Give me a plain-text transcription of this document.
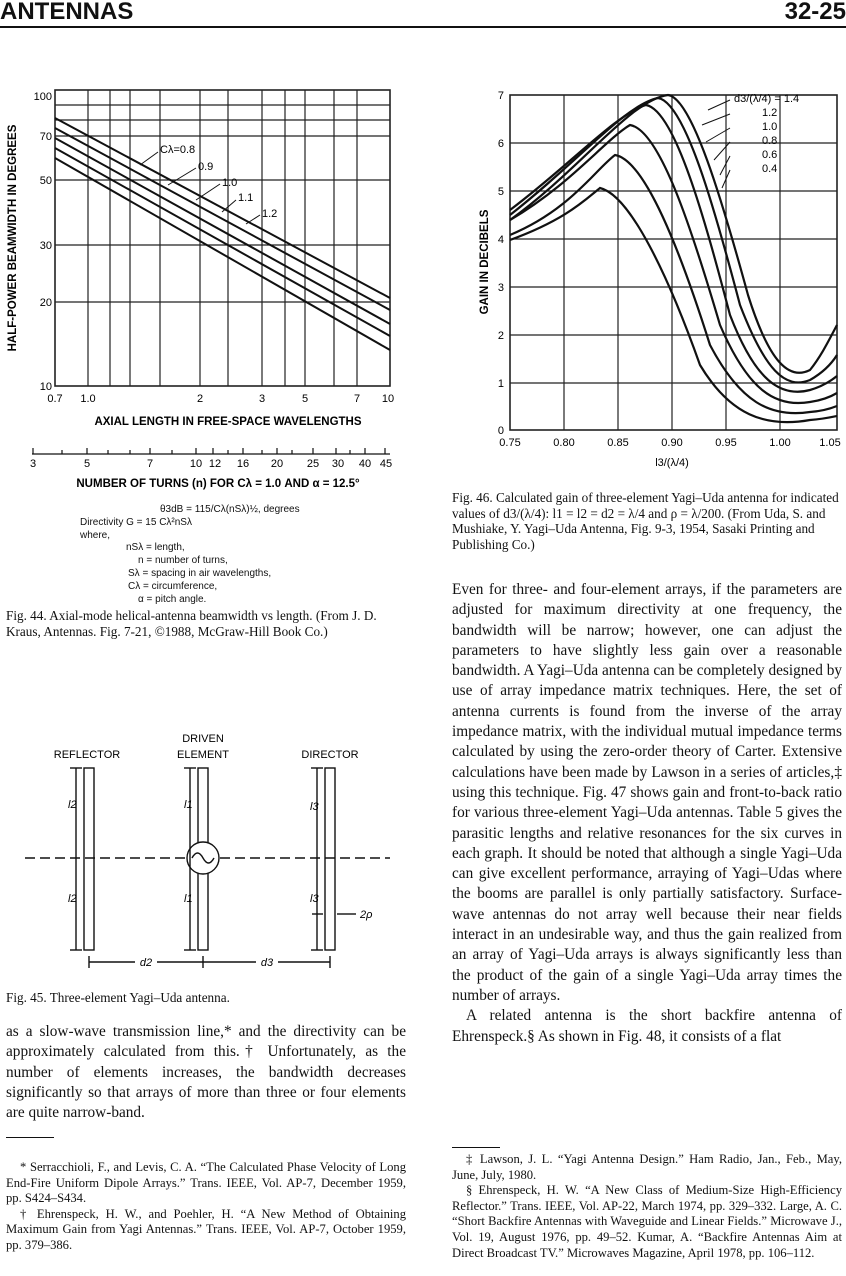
ANTENNAS	32-25
Cλ=0.8
0.9
1.0
1.1
1.2
100
70
50
30
20
10
0.7 1.0	2	3	5	7 10
AXIAL LENGTH IN FREE-SPACE WAVELENGTHS
HALF-POWER BEAMWIDTH IN DEGREES
3	5	7	10 12 16 20 25 30 40 45
NUMBER OF TURNS (n) FOR Cλ = 1.0 AND α = 12.5°
θ3dB = 115/Cλ(nSλ)½, degrees
Directivity G = 15 Cλ²nSλ
where,
nSλ = length,
n = number of turns,
Sλ = spacing in air wavelengths,
Cλ = circumference,
α = pitch angle.
Fig. 44. Axial-mode helical-antenna beamwidth vs length. (From J. D. Kraus, Antennas. Fig. 7-21, ©1988, McGraw-Hill Book Co.)
DRIVEN
REFLECTOR	ELEMENT	DIRECTOR
l2
l2
l1
l1
l3
l3
2ρ
d2	d3
Fig. 45. Three-element Yagi–Uda antenna.
as a slow-wave transmission line,* and the directivity can be approximately calculated from this.† Unfortunately, as the number of elements increases, the bandwidth decreases significantly so that arrays of more than three or four elements are quite narrow-band.

* Serracchioli, F., and Levis, C. A. “The Calculated Phase Velocity of Long End-Fire Uniform Dipole Arrays.” Trans. IEEE, Vol. AP-7, December 1959, pp. S424–S434.

† Ehrenspeck, H. W., and Poehler, H. “A New Method of Obtaining Maximum Gain from Yagi Antennas.” Trans. IEEE, Vol. AP-7, October 1959, pp. 379–386.

d3/(λ/4) = 1.4
1.2
1.0
0.8
0.6
0.4
7
6
5
4
3
2
1
0
0.75	0.80	0.85	0.90	0.95	1.00	1.05
l3/(λ/4)
GAIN IN DECIBELS
Fig. 46. Calculated gain of three-element Yagi–Uda antenna for indicated values of d3/(λ/4): l1 = l2 = d2 = λ/4 and ρ = λ/200. (From Uda, S. and Mushiake, Y. Yagi–Uda Antenna, Fig. 9-3, 1954, Sasaki Printing and Publishing Co.)

Even for three- and four-element arrays, if the parameters are adjusted for maximum directivity at one frequency, the bandwidth will be narrow; however, one can adjust the parameters to have slightly less gain over a reasonable bandwidth. A Yagi–Uda antenna can be completely designed by use of array impedance matrix techniques. Here, the set of antenna currents is found from the inverse of the array impedance matrix, with the individual mutual impedance terms calculated by using the zero-order theory of Carter. Extensive calculations have been made by Lawson in a series of articles,‡ using this technique. Fig. 47 shows gain and front-to-back ratio for various three-element Yagi–Uda antennas. Table 5 gives the parasitic lengths and relative resonances for the six curves in each graph. It should be noted that although a single Yagi–Uda can give excellent performance, arraying of Yagi–Udas where the booms are parallel is only partially satisfactory. Surface-wave antennas do not array well because their near fields interact in an undesirable way, and thus the gain realized from an array of Yagi–Uda arrays is always significantly less than the product of the gain of a single Yagi–Uda array times the number of arrays.

A related antenna is the short backfire antenna of Ehrenspeck.§ As shown in Fig. 48, it consists of a flat

‡ Lawson, J. L. “Yagi Antenna Design.” Ham Radio, Jan., Feb., May, June, July, 1980.

§ Ehrenspeck, H. W. “A New Class of Medium-Size High-Efficiency Reflector.” Trans. IEEE, Vol. AP-22, March 1974, pp. 329–332. Large, A. C. “Short Backfire Antennas with Waveguide and Linear Fields.” Microwave J., Vol. 19, August 1976, pp. 49–52. Kumar, A. “Backfire Antennas Aim at Direct Broadcast TV.” Microwaves Magazine, April 1978, pp. 106–112.
